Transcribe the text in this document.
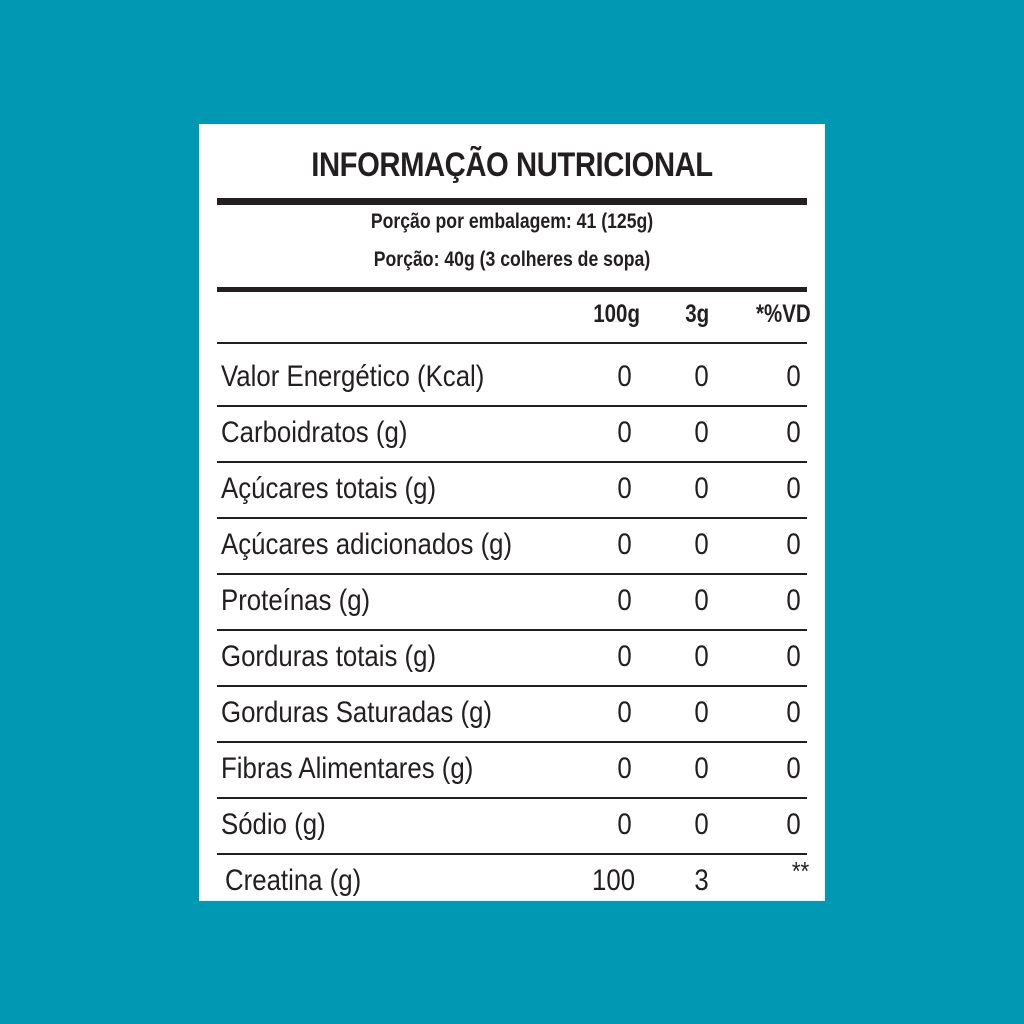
INFORMAÇÃO NUTRICIONAL
Porção por embalagem: 41 (125g)
Porção: 40g (3 colheres de sopa)
100g 3g *%VD
Valor Energético (Kcal)	0 0	0
Carboidratos (g)	0 0	0
Açúcares totais (g)	0 0	0
Açúcares adicionados (g)	0 0	0
Proteínas (g)	0 0	0
Gorduras totais (g)	0 0	0
Gorduras Saturadas (g)	0 0	0
Fibras Alimentares (g)	0 0	0
Sódio (g)	0 0	0
Creatina (g)	100 3	**
